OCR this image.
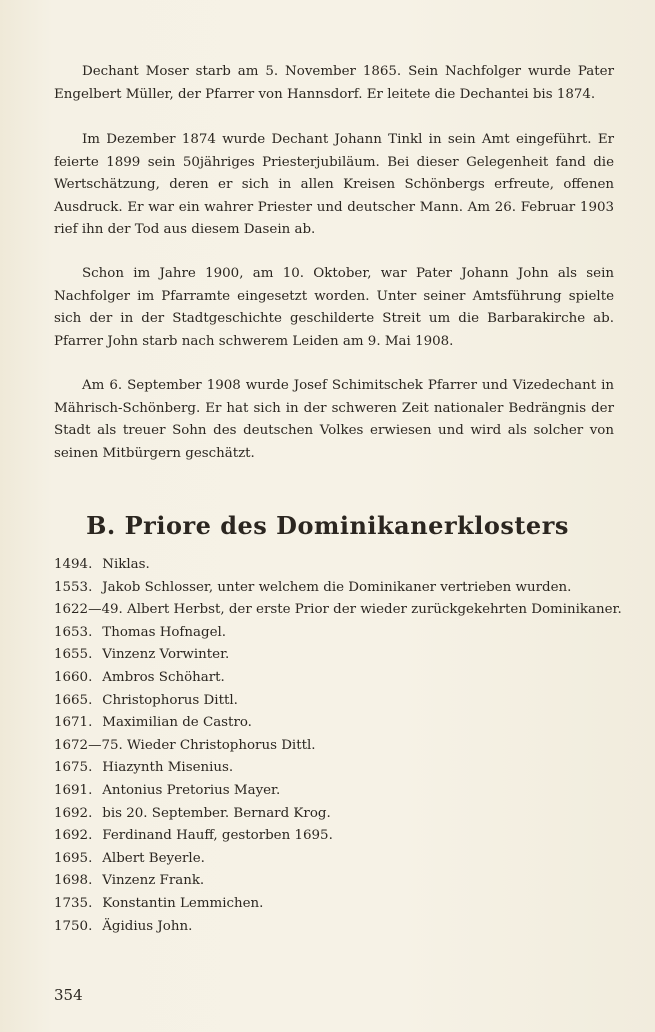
Dechant Moser starb am 5. November 1865. Sein Nachfolger wurde Pater Engelbert Müller, der Pfarrer von Hannsdorf. Er leitete die Dechantei bis 1874.

Im Dezember 1874 wurde Dechant Johann Tinkl in sein Amt eingeführt. Er feierte 1899 sein 50jähriges Priesterjubiläum. Bei dieser Gelegenheit fand die Wertschätzung, deren er sich in allen Kreisen Schönbergs erfreute, offenen Ausdruck. Er war ein wahrer Priester und deutscher Mann. Am 26. Februar 1903 rief ihn der Tod aus diesem Dasein ab.

Schon im Jahre 1900, am 10. Oktober, war Pater Johann John als sein Nachfolger im Pfarramte eingesetzt worden. Unter seiner Amtsführung spielte sich der in der Stadtgeschichte geschilderte Streit um die Barbarakirche ab. Pfarrer John starb nach schwerem Leiden am 9. Mai 1908.

Am 6. September 1908 wurde Josef Schimitschek Pfarrer und Vizedechant in Mährisch-Schönberg. Er hat sich in der schweren Zeit nationaler Bedrängnis der Stadt als treuer Sohn des deutschen Volkes erwiesen und wird als solcher von seinen Mitbürgern geschätzt.

B. Priore des Dominikanerklosters
1494. Niklas.
1553. Jakob Schlosser, unter welchem die Dominikaner vertrieben wurden.
1622—49. Albert Herbst, der erste Prior der wieder zurückgekehrten Dominikaner.
1653. Thomas Hofnagel.
1655. Vinzenz Vorwinter.
1660. Ambros Schöhart.
1665. Christophorus Dittl.
1671. Maximilian de Castro.
1672—75. Wieder Christophorus Dittl.
1675. Hiazynth Misenius.
1691. Antonius Pretorius Mayer.
1692. bis 20. September. Bernard Krog.
1692. Ferdinand Hauff, gestorben 1695.
1695. Albert Beyerle.
1698. Vinzenz Frank.
1735. Konstantin Lemmichen.
1750. Ägidius John.

354
